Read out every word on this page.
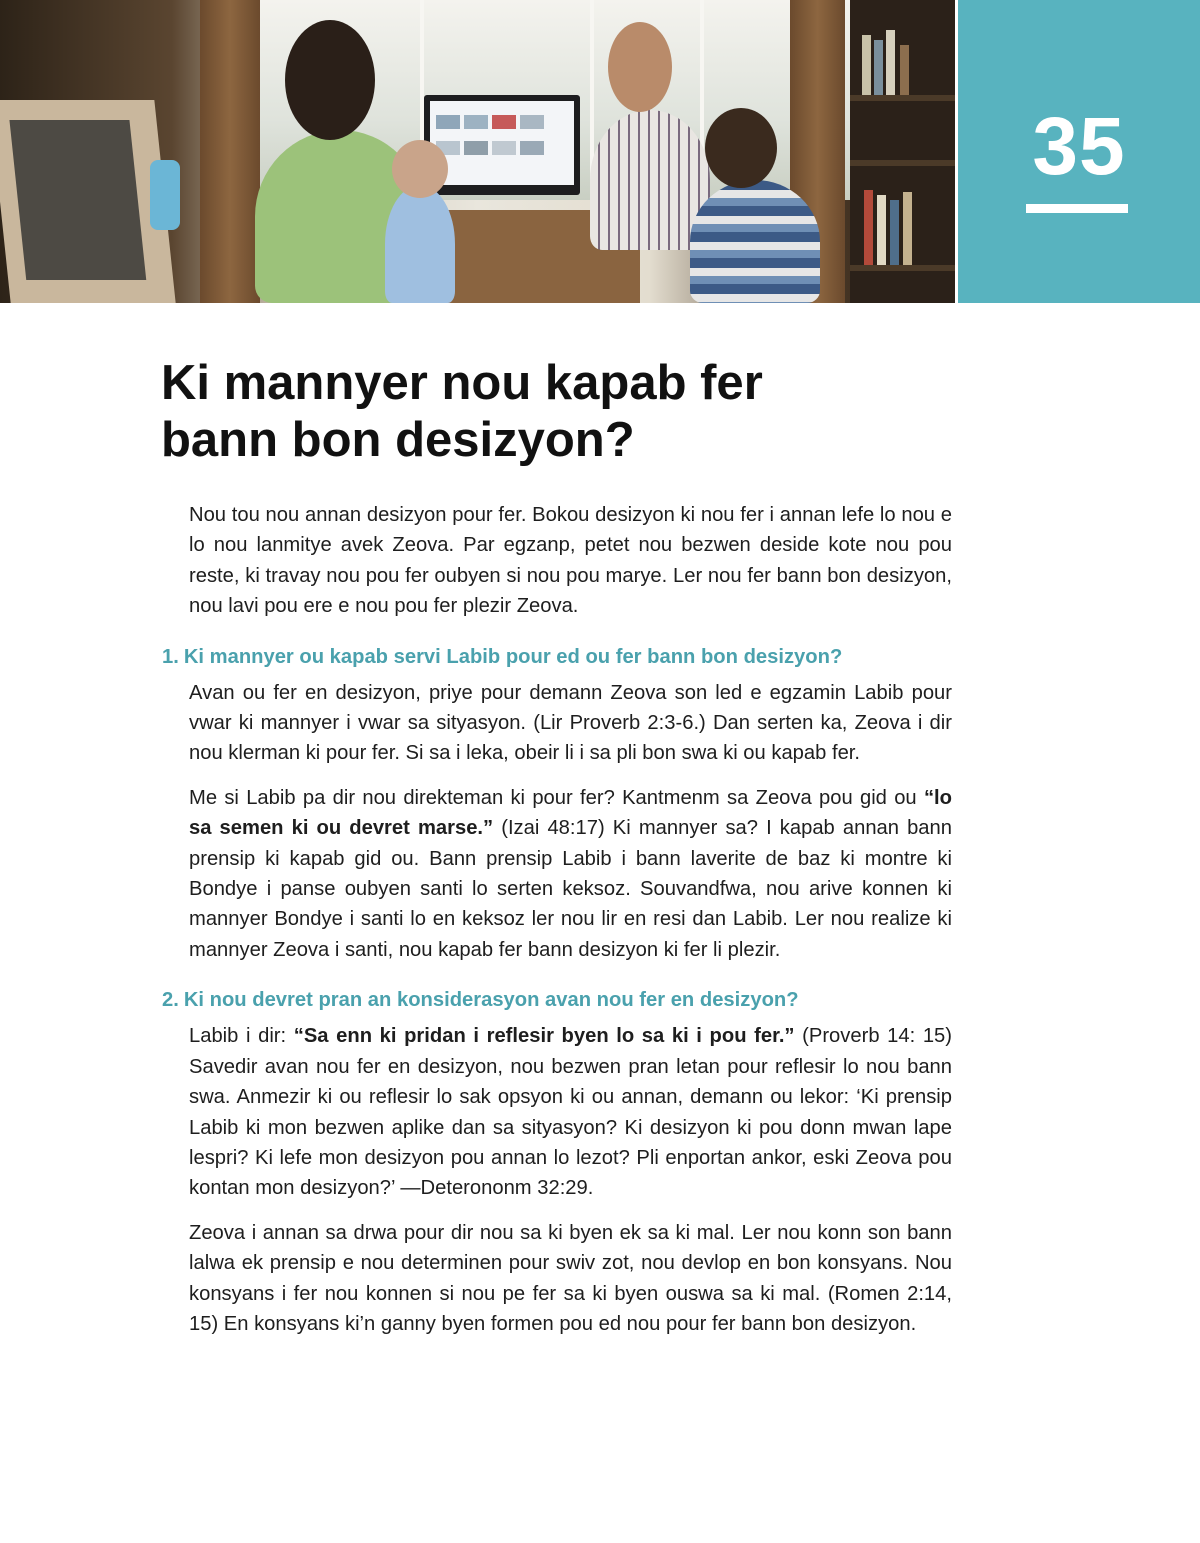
35
Ki mannyer nou kapab fer
bann bon desizyon?

Nou tou nou annan desizyon pour fer. Bokou desizyon ki nou fer i annan lefe lo nou e lo nou lanmitye avek Zeova. Par egzanp, petet nou bezwen deside kote nou pou reste, ki travay nou pou fer oubyen si nou pou marye. Ler nou fer bann bon desizyon, nou lavi pou ere e nou pou fer plezir Zeova.

1. Ki mannyer ou kapab servi Labib pour ed ou fer bann bon desizyon?

Avan ou fer en desizyon, priye pour demann Zeova son led e egzamin Labib pour vwar ki mannyer i vwar sa sityasyon. (Lir Proverb 2:3-6.) Dan serten ka, Zeova i dir nou klerman ki pour fer. Si sa i leka, obeir li i sa pli bon swa ki ou kapab fer.

Me si Labib pa dir nou direkteman ki pour fer? Kantmenm sa Zeova pou gid ou “lo sa semen ki ou devret marse.” (Izai 48:17) Ki mannyer sa? I kapab annan bann prensip ki kapab gid ou. Bann prensip Labib i bann laverite de baz ki montre ki Bondye i panse oubyen santi lo serten keksoz. Souvandfwa, nou arive konnen ki mannyer Bondye i santi lo en keksoz ler nou lir en resi dan Labib. Ler nou realize ki mannyer Zeova i santi, nou kapab fer bann desizyon ki fer li plezir.

2. Ki nou devret pran an konsiderasyon avan nou fer en desizyon?

Labib i dir: “Sa enn ki pridan i reflesir byen lo sa ki i pou fer.” (Proverb 14: 15) Savedir avan nou fer en desizyon, nou bezwen pran letan pour reflesir lo nou bann swa. Anmezir ki ou reflesir lo sak opsyon ki ou annan, demann ou lekor: ‘Ki prensip Labib ki mon bezwen aplike dan sa sityasyon? Ki desizyon ki pou donn mwan lape lespri? Ki lefe mon desizyon pou annan lo lezot? Pli enportan ankor, eski Zeova pou kontan mon desizyon?’ —Deteronon​m 32:29.

Zeova i annan sa drwa pour dir nou sa ki byen ek sa ki mal. Ler nou konn son bann lalwa ek prensip e nou determinen pour swiv zot, nou devlop en bon konsyans. Nou konsyans i fer nou konnen si nou pe fer sa ki byen ouswa sa ki mal. (Romen 2:14, 15) En konsyans ki’n ganny byen formen pou ed nou pour fer bann bon desizyon.
